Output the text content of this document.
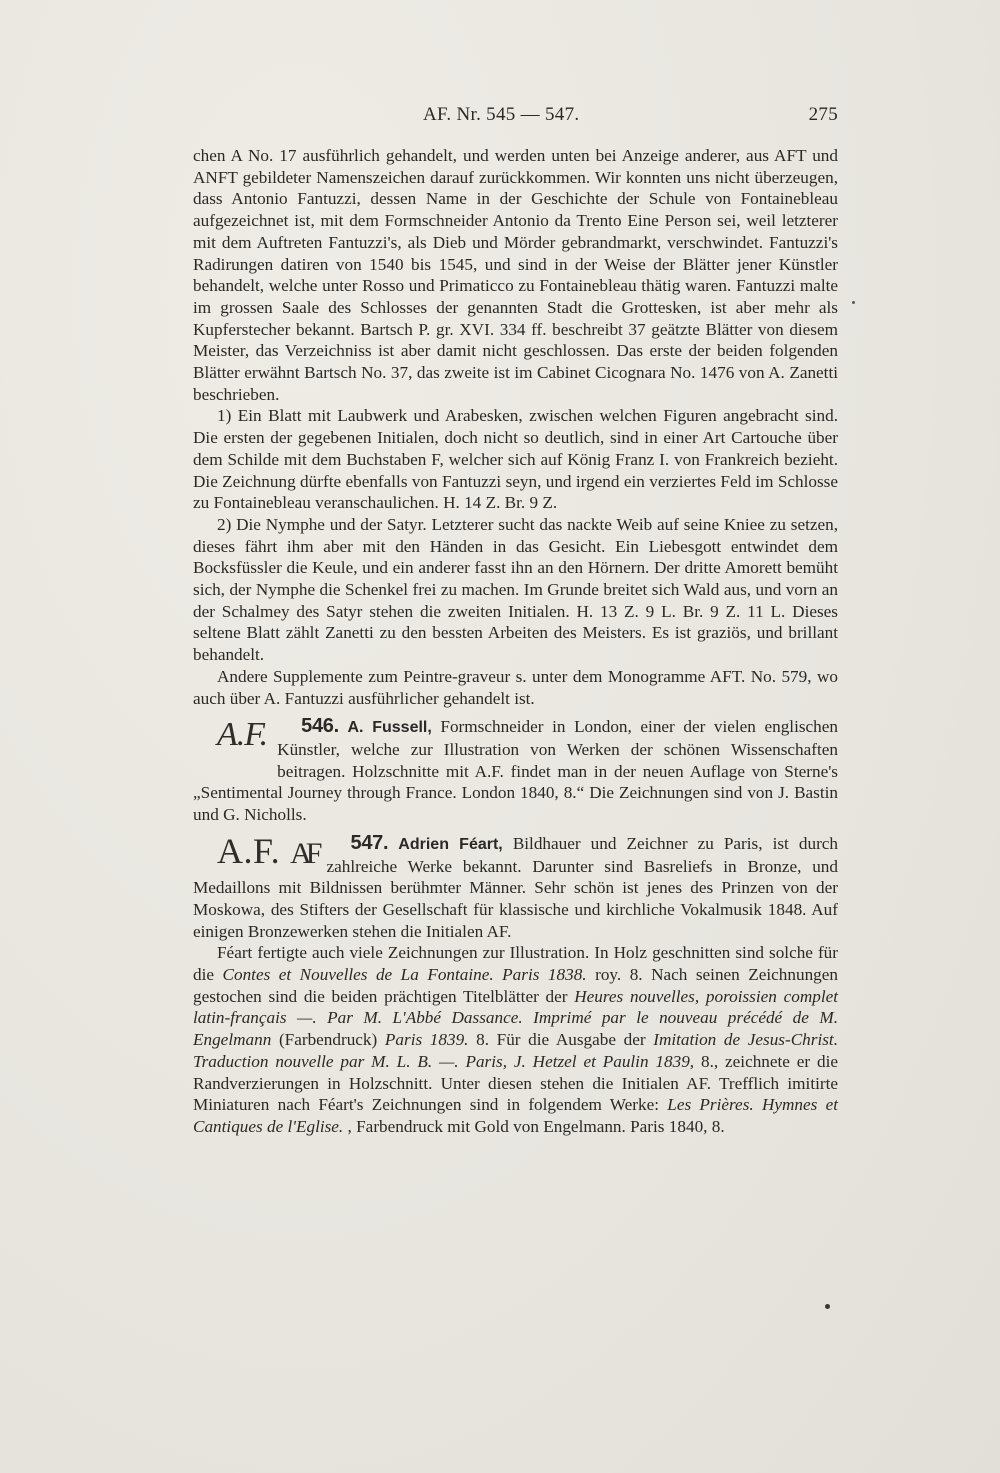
AF. Nr. 545 — 547.	275

chen A No. 17 ausführlich gehandelt, und werden unten bei Anzeige anderer, aus AFT und ANFT gebildeter Namenszeichen darauf zurückkommen. Wir konnten uns nicht überzeugen, dass Antonio Fantuzzi, dessen Name in der Geschichte der Schule von Fontainebleau aufgezeichnet ist, mit dem Formschneider Antonio da Trento Eine Person sei, weil letzterer mit dem Auftreten Fantuzzi's, als Dieb und Mörder gebrandmarkt, verschwindet. Fantuzzi's Radirungen datiren von 1540 bis 1545, und sind in der Weise der Blätter jener Künstler behandelt, welche unter Rosso und Primaticco zu Fontainebleau thätig waren. Fantuzzi malte im grossen Saale des Schlosses der genannten Stadt die Grottesken, ist aber mehr als Kupferstecher bekannt. Bartsch P. gr. XVI. 334 ff. beschreibt 37 geätzte Blätter von diesem Meister, das Verzeichniss ist aber damit nicht geschlossen. Das erste der beiden folgenden Blätter erwähnt Bartsch No. 37, das zweite ist im Cabinet Cicognara No. 1476 von A. Zanetti beschrieben.

1) Ein Blatt mit Laubwerk und Arabesken, zwischen welchen Figuren angebracht sind. Die ersten der gegebenen Initialen, doch nicht so deutlich, sind in einer Art Cartouche über dem Schilde mit dem Buchstaben F, welcher sich auf König Franz I. von Frankreich bezieht. Die Zeichnung dürfte ebenfalls von Fantuzzi seyn, und irgend ein verziertes Feld im Schlosse zu Fontainebleau veranschaulichen. H. 14 Z. Br. 9 Z.

2) Die Nymphe und der Satyr. Letzterer sucht das nackte Weib auf seine Kniee zu setzen, dieses fährt ihm aber mit den Händen in das Gesicht. Ein Liebesgott entwindet dem Bocksfüssler die Keule, und ein anderer fasst ihn an den Hörnern. Der dritte Amorett bemüht sich, der Nymphe die Schenkel frei zu machen. Im Grunde breitet sich Wald aus, und vorn an der Schalmey des Satyr stehen die zweiten Initialen. H. 13 Z. 9 L. Br. 9 Z. 11 L. Dieses seltene Blatt zählt Zanetti zu den bessten Arbeiten des Meisters. Es ist graziös, und brillant behandelt.

Andere Supplemente zum Peintre-graveur s. unter dem Monogramme AFT. No. 579, wo auch über A. Fantuzzi ausführlicher gehandelt ist.

546. A. Fussell,
A.F.	Formschneider in London, einer der vielen englischen Künstler, welche zur Illustration von Werken der schönen Wissenschaften beitragen. Holzschnitte mit A.F. findet man in der neuen Auflage von Sterne's „Sentimental Journey through France. London 1840, 8.“ Die Zeichnungen sind von J. Bastin und G. Nicholls.

547. Adrien Féart,
A.F. AF	Bildhauer und Zeichner zu Paris, ist durch zahlreiche Werke bekannt. Darunter sind Basreliefs in Bronze, und Medaillons mit Bildnissen berühmter Männer. Sehr schön ist jenes des Prinzen von der Moskowa, des Stifters der Gesellschaft für klassische und kirchliche Vokalmusik 1848. Auf einigen Bronzewerken stehen die Initialen AF.

Féart fertigte auch viele Zeichnungen zur Illustration. In Holz geschnitten sind solche für die Contes et Nouvelles de La Fontaine. Paris 1838. roy. 8. Nach seinen Zeichnungen gestochen sind die beiden prächtigen Titelblätter der Heures nouvelles, poroissien complet latin-français —. Par M. L'Abbé Dassance. Imprimé par le nouveau précédé de M. Engelmann (Farbendruck) Paris 1839. 8. Für die Ausgabe der Imitation de Jesus-Christ. Traduction nouvelle par M. L. B. —. Paris, J. Hetzel et Paulin 1839, 8., zeichnete er die Randverzierungen in Holzschnitt. Unter diesen stehen die Initialen AF. Trefflich imitirte Miniaturen nach Féart's Zeichnungen sind in folgendem Werke: Les Prières. Hymnes et Cantiques de l'Eglise. , Farbendruck mit Gold von Engelmann. Paris 1840, 8.
